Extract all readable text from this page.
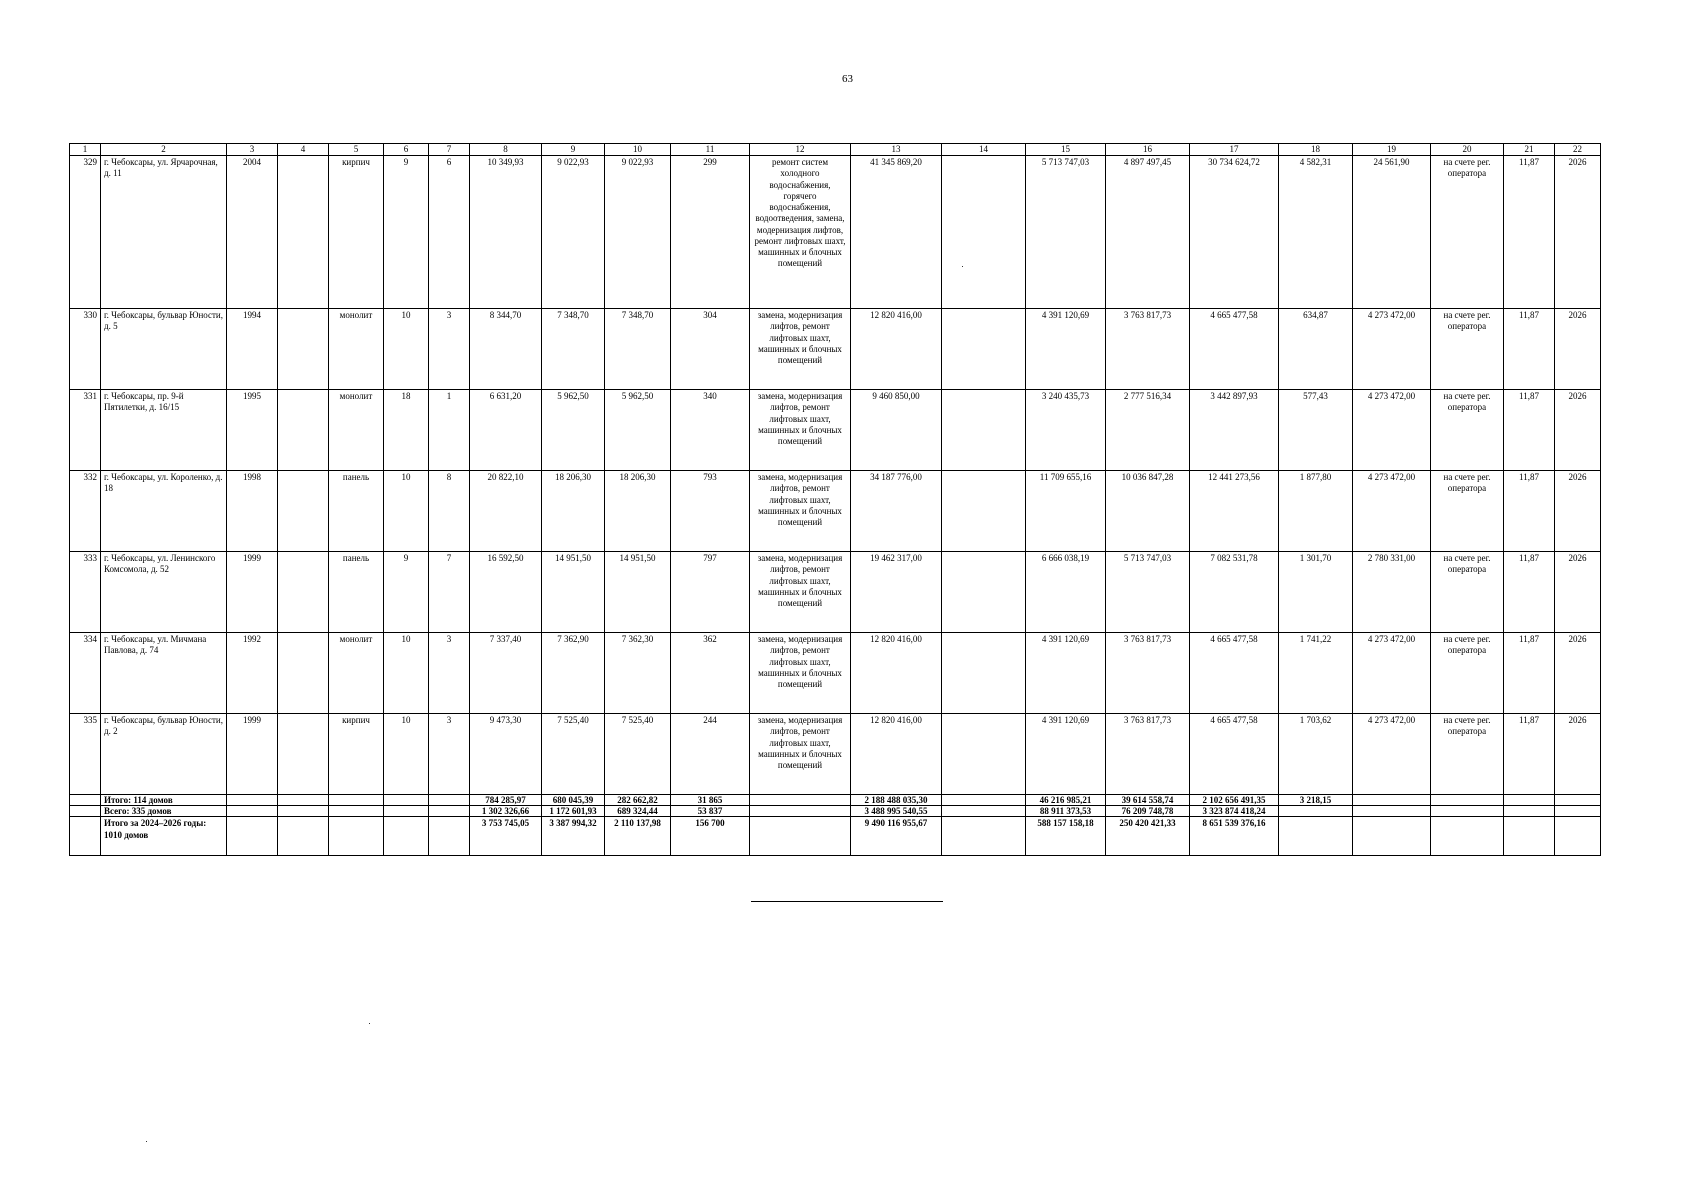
63
1	2	3	4	5	6	7	8	9	10	11	12	13	14	15	16	17	18	19	20	21	22
329	г. Чебоксары, ул. Ярчарочная, д. 11	2004		кирпич	9	6	10 349,93	9 022,93	9 022,93	299	ремонт систем холодного водоснабжения, горячего водоснабжения, водоотведения, замена, модернизация лифтов, ремонт лифтовых шахт, машинных и блочных помещений	41 345 869,20		5 713 747,03	4 897 497,45	30 734 624,72	4 582,31	24 561,90	на счете рег. оператора	11,87	2026
330	г. Чебоксары, бульвар Юности, д. 5	1994		монолит	10	3	8 344,70	7 348,70	7 348,70	304	замена, модернизация лифтов, ремонт лифтовых шахт, машинных и блочных помещений	12 820 416,00		4 391 120,69	3 763 817,73	4 665 477,58	634,87	4 273 472,00	на счете рег. оператора	11,87	2026
331	г. Чебоксары, пр. 9-й Пятилетки, д. 16/15	1995		монолит	18	1	6 631,20	5 962,50	5 962,50	340	замена, модернизация лифтов, ремонт лифтовых шахт, машинных и блочных помещений	9 460 850,00		3 240 435,73	2 777 516,34	3 442 897,93	577,43	4 273 472,00	на счете рег. оператора	11,87	2026
332	г. Чебоксары, ул. Короленко, д. 18	1998		панель	10	8	20 822,10	18 206,30	18 206,30	793	замена, модернизация лифтов, ремонт лифтовых шахт, машинных и блочных помещений	34 187 776,00		11 709 655,16	10 036 847,28	12 441 273,56	1 877,80	4 273 472,00	на счете рег. оператора	11,87	2026
333	г. Чебоксары, ул. Ленинского Комсомола, д. 52	1999		панель	9	7	16 592,50	14 951,50	14 951,50	797	замена, модернизация лифтов, ремонт лифтовых шахт, машинных и блочных помещений	19 462 317,00		6 666 038,19	5 713 747,03	7 082 531,78	1 301,70	2 780 331,00	на счете рег. оператора	11,87	2026
334	г. Чебоксары, ул. Мичмана Павлова, д. 74	1992		монолит	10	3	7 337,40	7 362,90	7 362,30	362	замена, модернизация лифтов, ремонт лифтовых шахт, машинных и блочных помещений	12 820 416,00		4 391 120,69	3 763 817,73	4 665 477,58	1 741,22	4 273 472,00	на счете рег. оператора	11,87	2026
335	г. Чебоксары, бульвар Юности, д. 2	1999		кирпич	10	3	9 473,30	7 525,40	7 525,40	244	замена, модернизация лифтов, ремонт лифтовых шахт, машинных и блочных помещений	12 820 416,00		4 391 120,69	3 763 817,73	4 665 477,58	1 703,62	4 273 472,00	на счете рег. оператора	11,87	2026
	Итого: 114 домов						784 285,97	680 045,39	282 662,82	31 865		2 188 488 035,30		46 216 985,21	39 614 558,74	2 102 656 491,35	3 218,15				
	Всего: 335 домов						1 302 326,66	1 172 601,93	689 324,44	53 837		3 488 995 540,55		88 911 373,53	76 209 748,78	3 323 874 418,24					
	Итого за 2024–2026 годы: 1010 домов						3 753 745,05	3 387 994,32	2 110 137,98	156 700		9 490 116 955,67		588 157 158,18	250 420 421,33	8 651 539 376,16					
